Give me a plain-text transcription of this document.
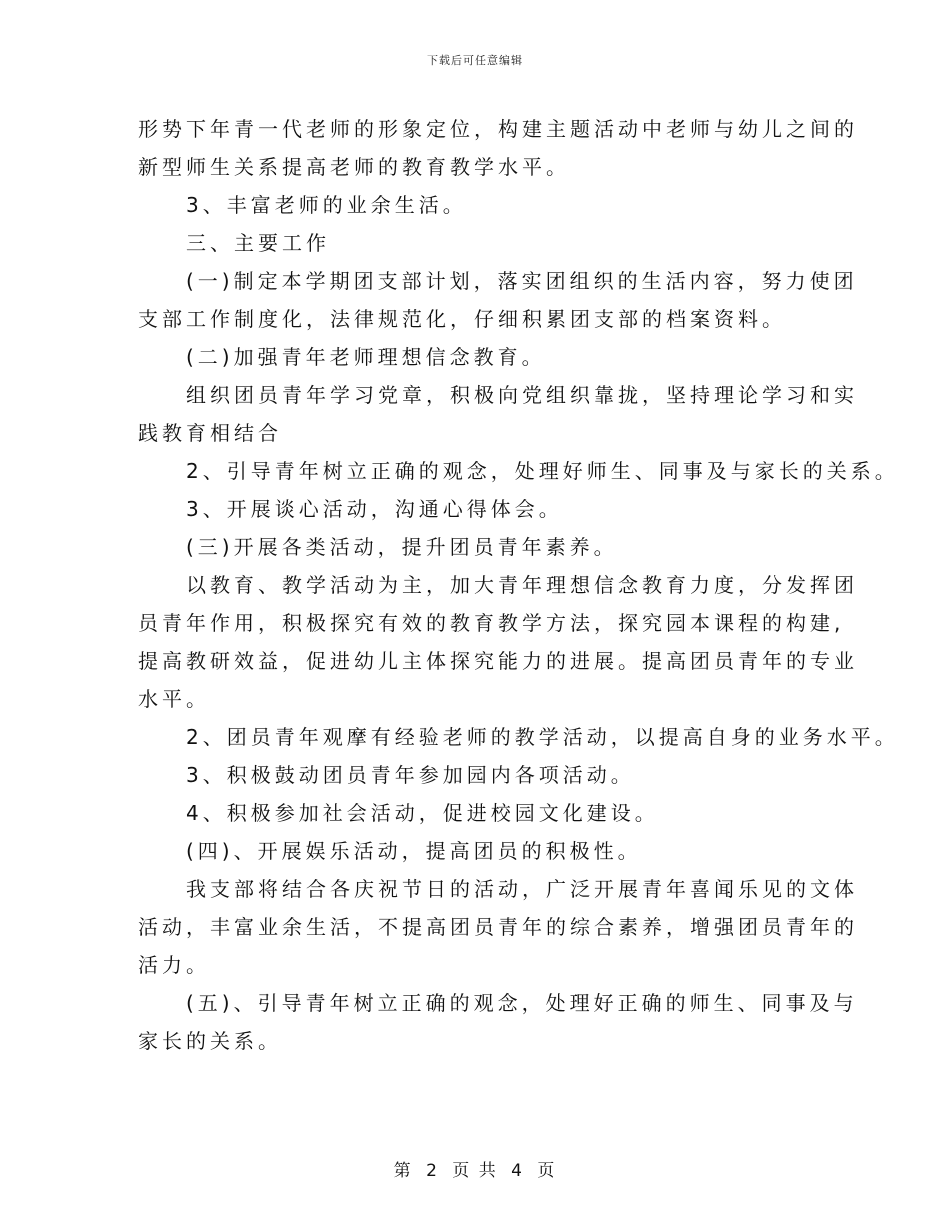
下载后可任意编辑
形势下年青一代老师的形象定位，构建主题活动中老师与幼儿之间的
新型师生关系提高老师的教育教学水平。
3、丰富老师的业余生活。
三、主要工作
(一)制定本学期团支部计划，落实团组织的生活内容，努力使团
支部工作制度化，法律规范化，仔细积累团支部的档案资料。
(二)加强青年老师理想信念教育。
组织团员青年学习党章，积极向党组织靠拢，坚持理论学习和实
践教育相结合
2、引导青年树立正确的观念，处理好师生、同事及与家长的关系。
3、开展谈心活动，沟通心得体会。
(三)开展各类活动，提升团员青年素养。
以教育、教学活动为主，加大青年理想信念教育力度，分发挥团
员青年作用，积极探究有效的教育教学方法，探究园本课程的构建,
提高教研效益，促进幼儿主体探究能力的进展。提高团员青年的专业
水平。
2、团员青年观摩有经验老师的教学活动，以提高自身的业务水平。
3、积极鼓动团员青年参加园内各项活动。
4、积极参加社会活动，促进校园文化建设。
(四)、开展娱乐活动，提高团员的积极性。
我支部将结合各庆祝节日的活动，广泛开展青年喜闻乐见的文体
活动，丰富业余生活，不提高团员青年的综合素养，增强团员青年的
活力。
(五)、引导青年树立正确的观念，处理好正确的师生、同事及与
家长的关系。
第 2 页 共 4 页
